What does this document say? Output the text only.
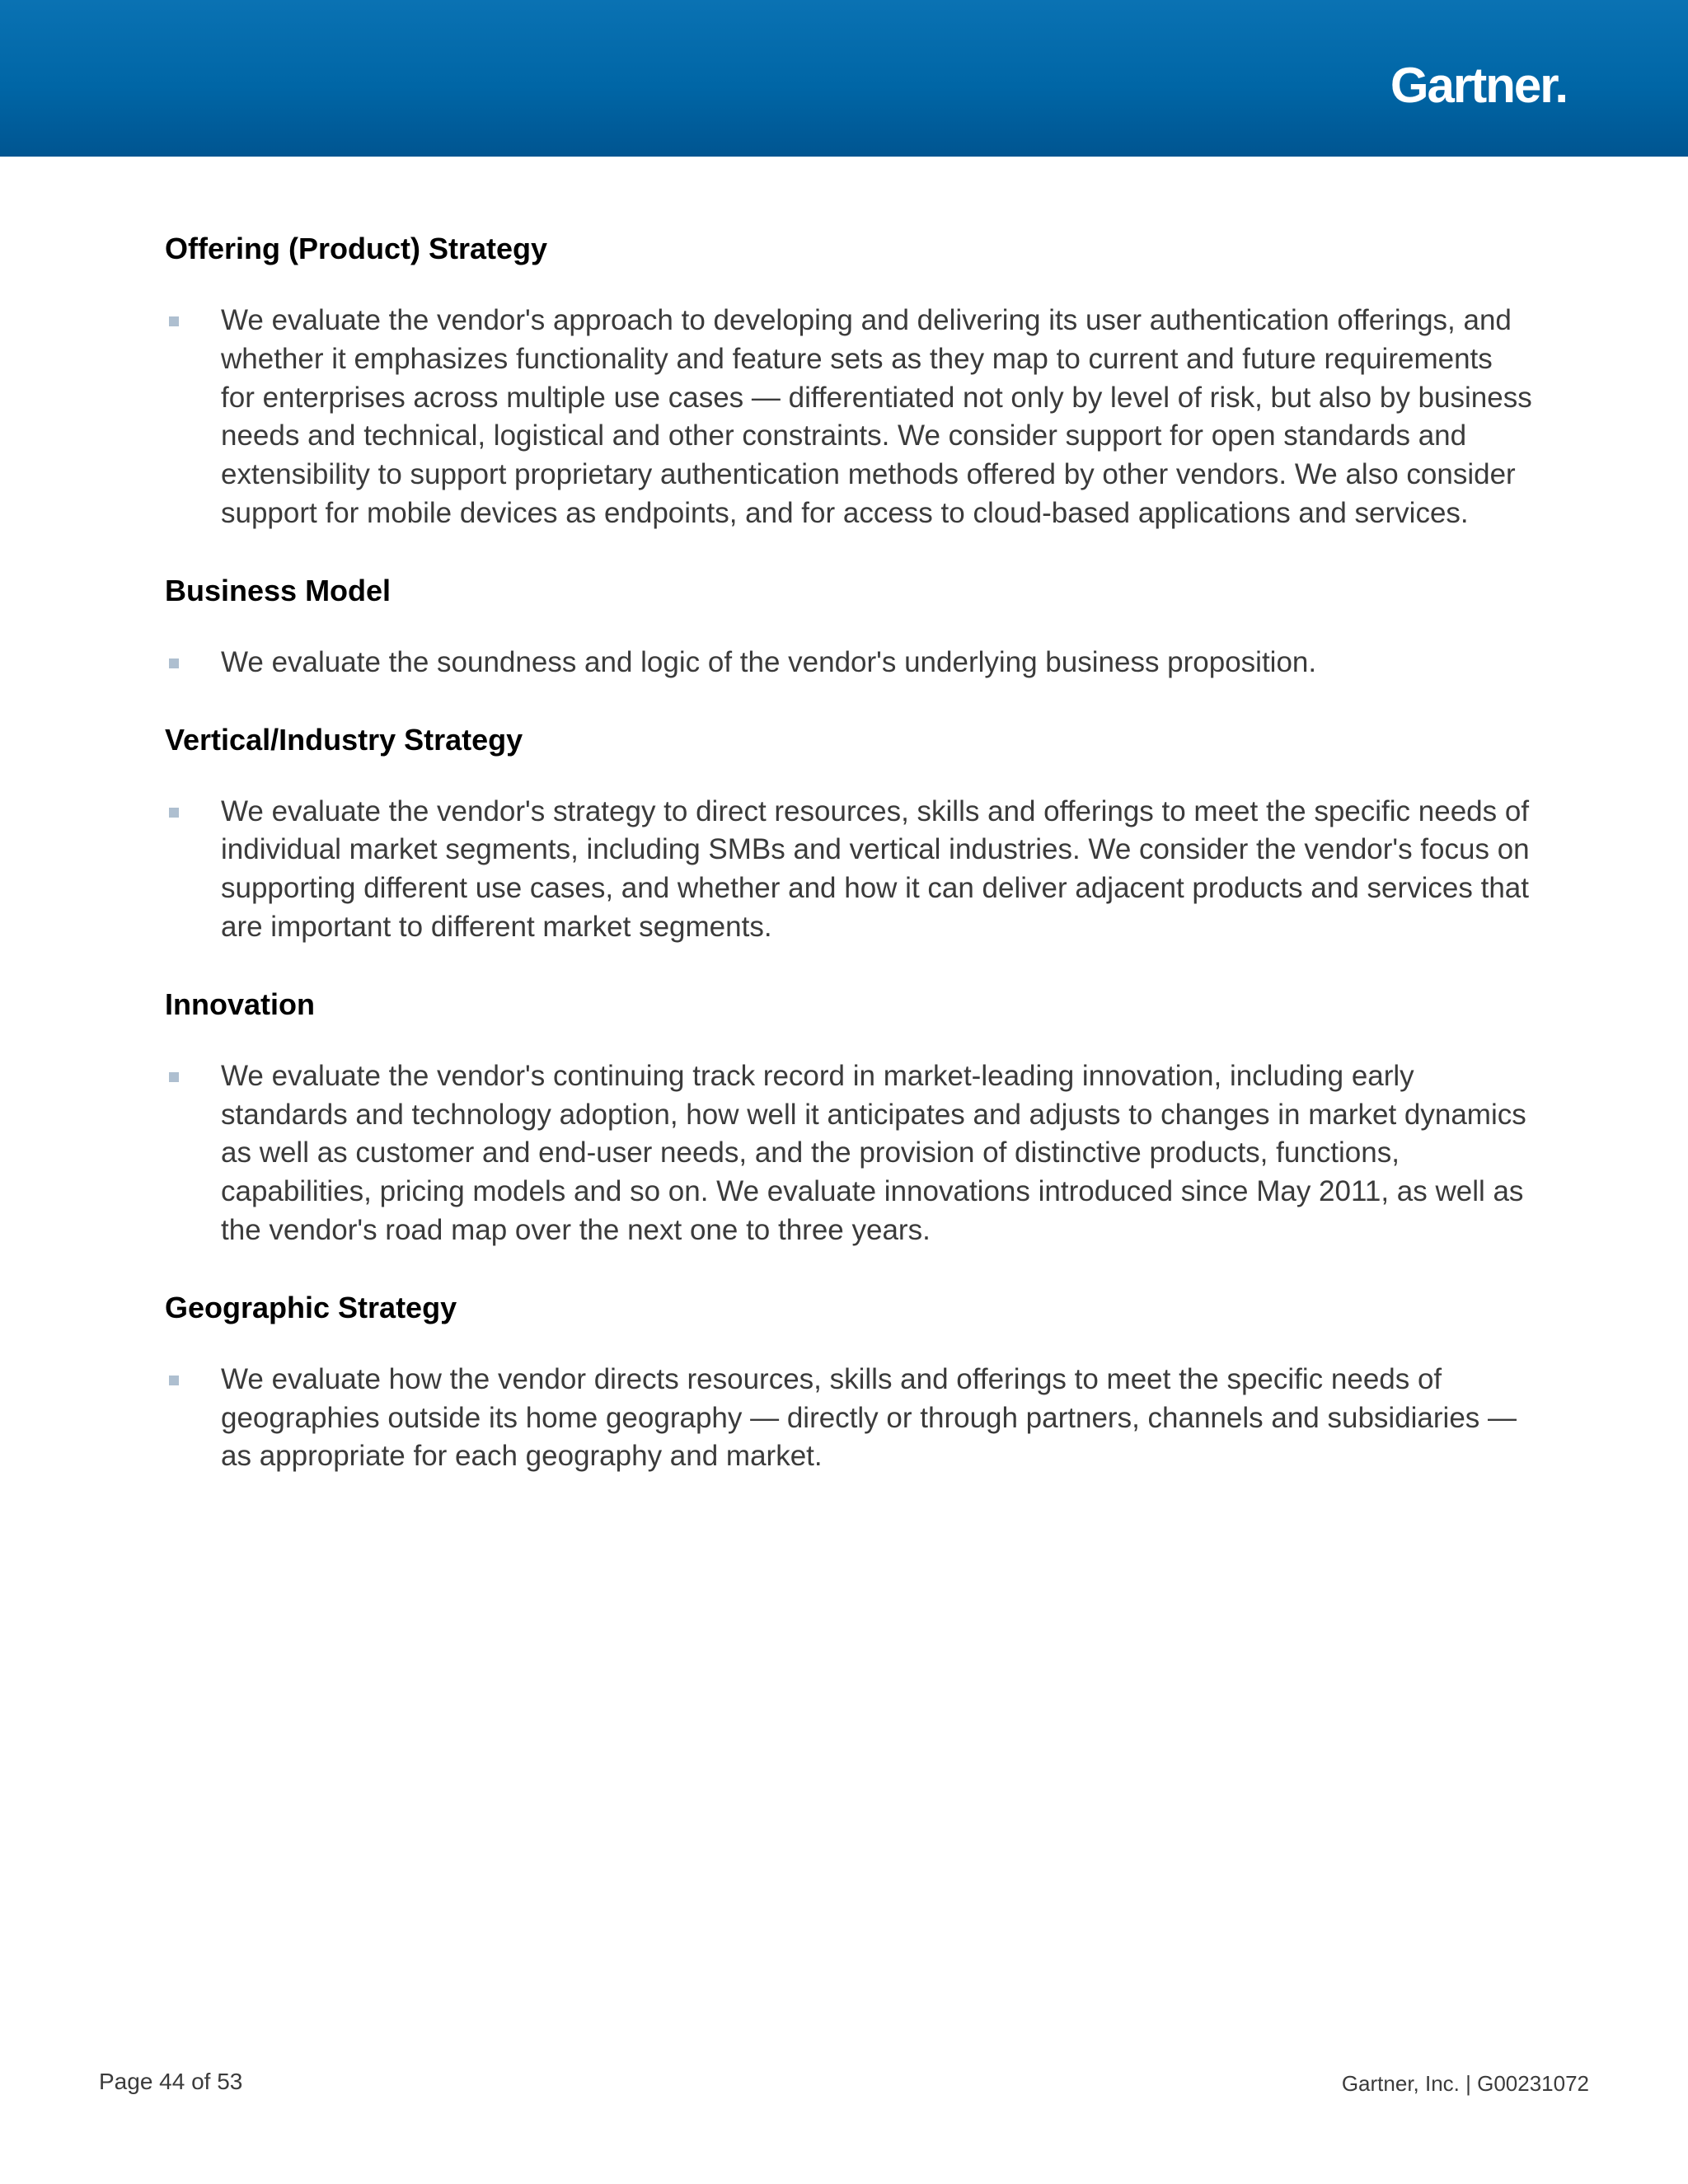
Gartner.
Offering (Product) Strategy

We evaluate the vendor's approach to developing and delivering its user authentication offerings, and whether it emphasizes functionality and feature sets as they map to current and future requirements for enterprises across multiple use cases — differentiated not only by level of risk, but also by business needs and technical, logistical and other constraints. We consider support for open standards and extensibility to support proprietary authentication methods offered by other vendors. We also consider support for mobile devices as endpoints, and for access to cloud-based applications and services.

Business Model

We evaluate the soundness and logic of the vendor's underlying business proposition.

Vertical/Industry Strategy

We evaluate the vendor's strategy to direct resources, skills and offerings to meet the specific needs of individual market segments, including SMBs and vertical industries. We consider the vendor's focus on supporting different use cases, and whether and how it can deliver adjacent products and services that are important to different market segments.

Innovation

We evaluate the vendor's continuing track record in market-leading innovation, including early standards and technology adoption, how well it anticipates and adjusts to changes in market dynamics as well as customer and end-user needs, and the provision of distinctive products, functions, capabilities, pricing models and so on. We evaluate innovations introduced since May 2011, as well as the vendor's road map over the next one to three years.

Geographic Strategy

We evaluate how the vendor directs resources, skills and offerings to meet the specific needs of geographies outside its home geography — directly or through partners, channels and subsidiaries — as appropriate for each geography and market.

Page 44 of 53	Gartner, Inc. | G00231072
